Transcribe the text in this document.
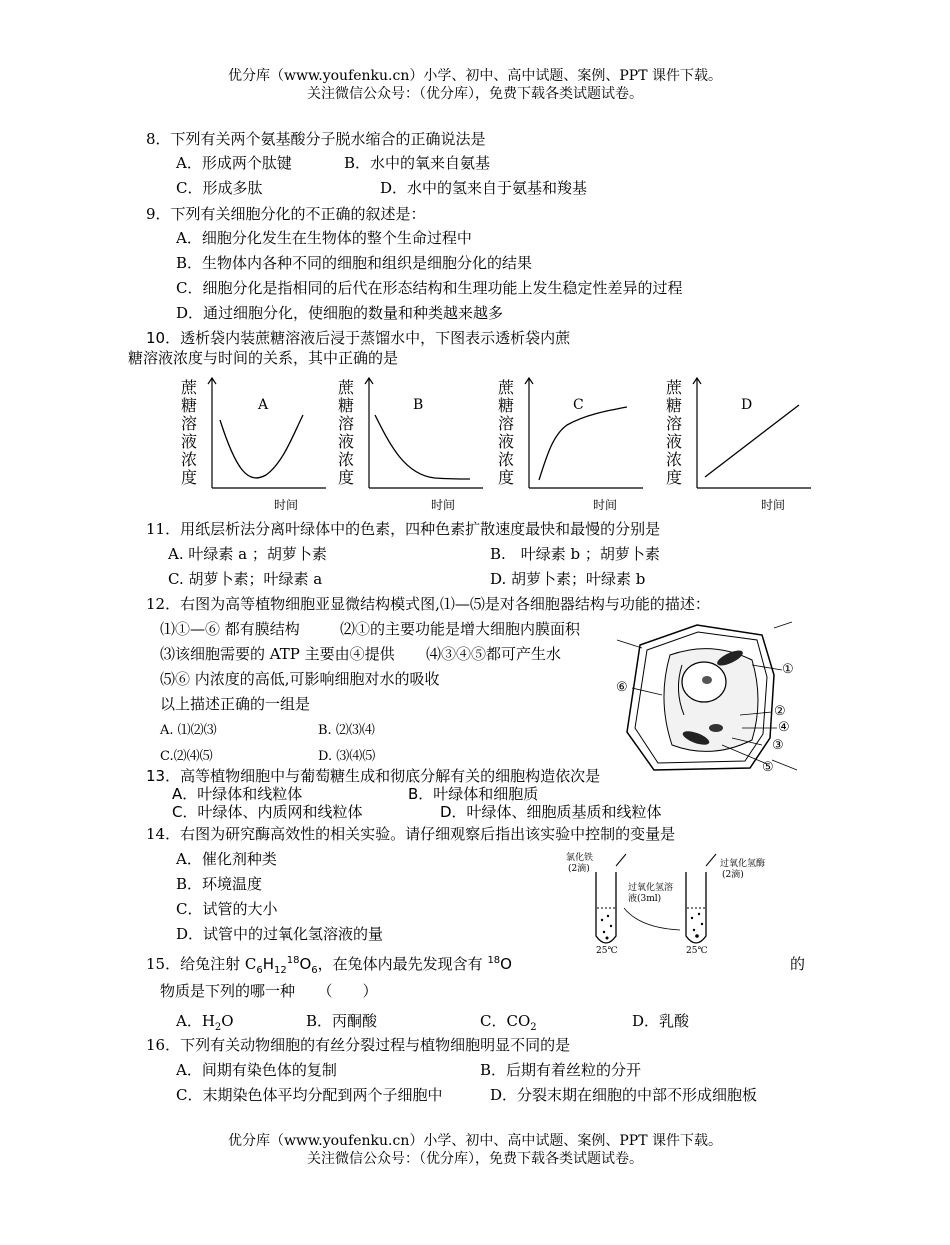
优分库（www.youfenku.cn）小学、初中、高中试题、案例、PPT 课件下载。
关注微信公众号：（优分库），免费下载各类试题试卷。
8．下列有关两个氨基酸分子脱水缩合的正确说法是
A．形成两个肽键	B．水中的氧来自氨基
C．形成多肽	D．水中的氢来自于氨基和羧基
9．下列有关细胞分化的不正确的叙述是：
A．细胞分化发生在生物体的整个生命过程中
B．生物体内各种不同的细胞和组织是细胞分化的结果
C．细胞分化是指相同的后代在形态结构和生理功能上发生稳定性差异的过程
D．通过细胞分化，使细胞的数量和种类越来越多
10．透析袋内装蔗糖溶液后浸于蒸馏水中，下图表示透析袋内蔗
糖溶液浓度与时间的关系，其中正确的是
蔗糖溶液浓度
A
时间
蔗糖溶液浓度
B
时间
蔗糖溶液浓度
C
时间
蔗糖溶液浓度
D
时间
11．用纸层析法分离叶绿体中的色素，四种色素扩散速度最快和最慢的分别是
A. 叶绿素 a ；胡萝卜素	B.　叶绿素 b ；胡萝卜素
C. 胡萝卜素；叶绿素 a	D. 胡萝卜素；叶绿素 b
12．右图为高等植物细胞亚显微结构模式图,⑴—⑸是对各细胞器结构与功能的描述：
⑴①—⑥ 都有膜结构	⑵①的主要功能是增大细胞内膜面积
⑶该细胞需要的 ATP 主要由④提供 ⑷③④⑤都可产生水
⑸⑥ 内浓度的高低,可影响细胞对水的吸收
以上描述正确的一组是
A. ⑴⑵⑶	B. ⑵⑶⑷
C.⑵⑷⑸	D. ⑶⑷⑸
①
②
④
③
⑤
⑥
13．高等植物细胞中与葡萄糖生成和彻底分解有关的细胞构造依次是
A．叶绿体和线粒体	B．叶绿体和细胞质
C．叶绿体、内质网和线粒体	D．叶绿体、细胞质基质和线粒体
14．右图为研究酶高效性的相关实验。请仔细观察后指出该实验中控制的变量是
A．催化剂种类
B．环境温度
C．试管的大小
D．试管中的过氧化氢溶液的量
氯化铁
(2滴)	过氧化氢酶
(2滴)
过氧化氢溶
液(3ml)
25℃	25℃
15．给兔注射 $C_6H_{12}^{18}O_6$，在兔体内最先发现含有 $^{18}$O	的
物质是下列的哪一种　　（　　）
A．$H_2O$	B．丙酮酸	C．$CO_2$	D．乳酸
16．下列有关动物细胞的有丝分裂过程与植物细胞明显不同的是
A．间期有染色体的复制	B．后期有着丝粒的分开
C．末期染色体平均分配到两个子细胞中	D．分裂末期在细胞的中部不形成细胞板
优分库（www.youfenku.cn）小学、初中、高中试题、案例、PPT 课件下载。
关注微信公众号：（优分库），免费下载各类试题试卷。
